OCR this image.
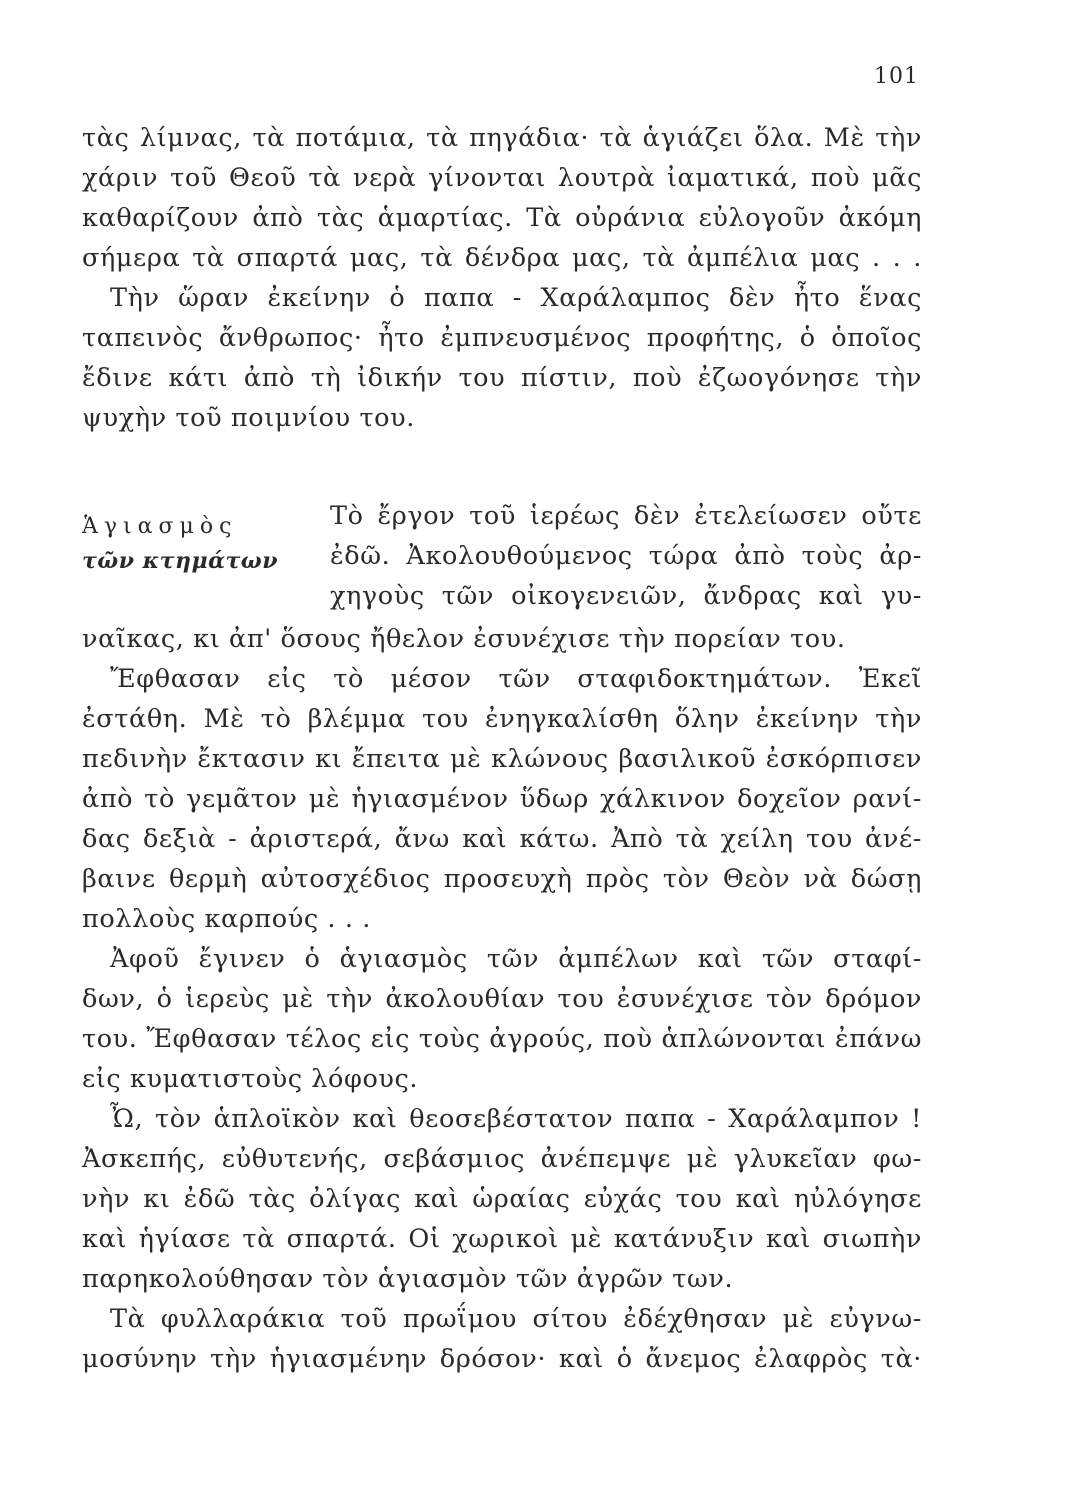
101
τὰς λίμνας, τὰ ποτάμια, τὰ πηγάδια· τὰ ἁγιάζει ὅλα. Μὲ τὴν
χάριν τοῦ Θεοῦ τὰ νερὰ γίνονται λουτρὰ ἰαματικά, ποὺ μᾶς
καθαρίζουν ἀπὸ τὰς ἁμαρτίας. Τὰ οὐράνια εὐλογοῦν ἀκόμη
σήμερα τὰ σπαρτά μας, τὰ δένδρα μας, τὰ ἀμπέλια μας . . .
Τὴν ὥραν ἐκείνην ὁ παπα - Χαράλαμπος δὲν ἦτο ἕνας
ταπεινὸς ἄνθρωπος· ἦτο ἐμπνευσμένος προφήτης, ὁ ὁποῖος
ἔδινε κάτι ἀπὸ τὴ ἰδικήν του πίστιν, ποὺ ἐζωογόνησε τὴν
ψυχὴν τοῦ ποιμνίου του.
Ἁγιασμὸς
τῶν κτημάτων
Τὸ ἔργον τοῦ ἱερέως δὲν ἐτελείωσεν οὔτε
ἐδῶ. Ἀκολουθούμενος τώρα ἀπὸ τοὺς ἀρ-
χηγοὺς τῶν οἰκογενειῶν, ἄνδρας καὶ γυ-
ναῖκας, κι ἀπ' ὅσους ἤθελον ἐσυνέχισε τὴν πορείαν του.
Ἔφθασαν εἰς τὸ μέσον τῶν σταφιδοκτημάτων. Ἐκεῖ
ἐστάθη. Μὲ τὸ βλέμμα του ἐνηγκαλίσθη ὅλην ἐκείνην τὴν
πεδινὴν ἔκτασιν κι ἔπειτα μὲ κλώνους βασιλικοῦ ἐσκόρπισεν
ἀπὸ τὸ γεμᾶτον μὲ ἡγιασμένον ὕδωρ χάλκινον δοχεῖον ρανί-
δας δεξιὰ - ἀριστερά, ἄνω καὶ κάτω. Ἀπὸ τὰ χείλη του ἀνέ-
βαινε θερμὴ αὐτοσχέδιος προσευχὴ πρὸς τὸν Θεὸν νὰ δώσῃ
πολλοὺς καρπούς . . .
Ἀφοῦ ἔγινεν ὁ ἁγιασμὸς τῶν ἀμπέλων καὶ τῶν σταφί-
δων, ὁ ἱερεὺς μὲ τὴν ἀκολουθίαν του ἐσυνέχισε τὸν δρόμον
του. Ἔφθασαν τέλος εἰς τοὺς ἀγρούς, ποὺ ἁπλώνονται ἐπάνω
εἰς κυματιστοὺς λόφους.
Ὦ, τὸν ἁπλοϊκὸν καὶ θεοσεβέστατον παπα - Χαράλαμπον !
Ἀσκεπής, εὐθυτενής, σεβάσμιος ἀνέπεμψε μὲ γλυκεῖαν φω-
νὴν κι ἐδῶ τὰς ὀλίγας καὶ ὡραίας εὐχάς του καὶ ηὐλόγησε
καὶ ἡγίασε τὰ σπαρτά. Οἱ χωρικοὶ μὲ κατάνυξιν καὶ σιωπὴν
παρηκολούθησαν τὸν ἁγιασμὸν τῶν ἀγρῶν των.
Τὰ φυλλαράκια τοῦ πρωΐμου σίτου ἐδέχθησαν μὲ εὐγνω-
μοσύνην τὴν ἡγιασμένην δρόσον· καὶ ὁ ἄνεμος ἐλαφρὸς τὰ·
